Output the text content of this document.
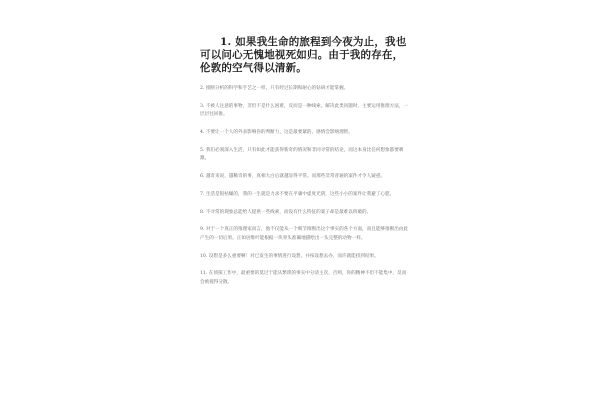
1. 如果我生命的旅程到今夜为止，我也可以问心无愧地视死如归。由于我的存在，伦敦的空气得以清新。
2. 推断分析的科学和手艺之一样，只有经过长期和耐心的钻研才能掌握。
3. 不被人注意的事物，非但不是什么困难，反而是一种线索。解决此类问题时，主要运用推理方法，一层层往回推。
4. 不要让一个人的外表影响你的判断力，这是最要紧的，感情会影响理智。
5. 我们必须深入生活，只有如此才能获得新奇的情况和非同寻常的结论，而这本身比任何想象都要刺激。
6. 越奇来说，越稀奇的事，真相大白后就越显得平常。而那些非常普通的案件才令人疑惑。
7. 生活是很枯燥的，我的一生就是力求不要在平庸中虚度光阴，这些小小的案件让我避了心愿。
8. 不寻常的现象总能给人提供一些线索，而没有什么特征的案子却是最难以侦破的。
9. 对于一个真正的推理家而言，他不仅能从一个细节推断出这个事实的各个方面，而且能够推断出由此产生的一切后果。正如居维叶能根据一块骨头准确地描绘出一头完整的动物一样。
10. 设想是多么重要啊！对已发生的事情进行设想，并按设想去办，而许就能找到结果。
11. 在侦探工作中，最重要的莫过于能从繁琐的事实中分清主次，否则，你的精神不但不能集中，反而会被搅得分散。
